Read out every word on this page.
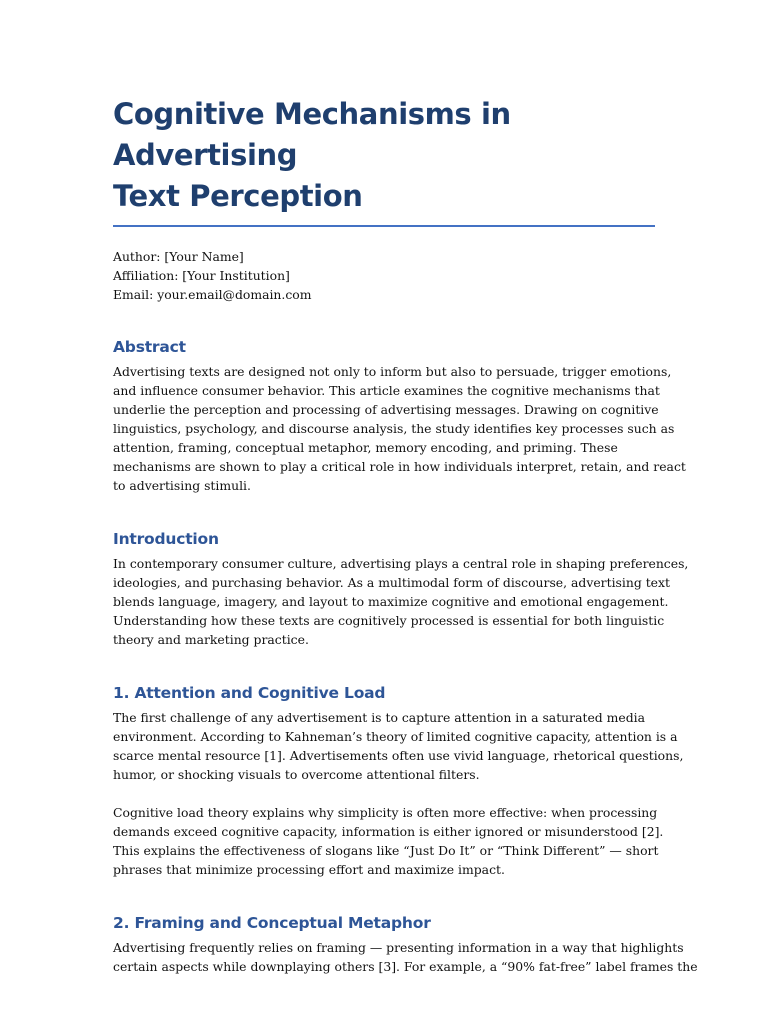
Cognitive Mechanisms in Advertising
Text Perception
Author: [Your Name]
Affiliation: [Your Institution]
Email: your.email@domain.com
Abstract

Advertising texts are designed not only to inform but also to persuade, trigger emotions,
and influence consumer behavior. This article examines the cognitive mechanisms that
underlie the perception and processing of advertising messages. Drawing on cognitive
linguistics, psychology, and discourse analysis, the study identifies key processes such as
attention, framing, conceptual metaphor, memory encoding, and priming. These
mechanisms are shown to play a critical role in how individuals interpret, retain, and react
to advertising stimuli.

Introduction

In contemporary consumer culture, advertising plays a central role in shaping preferences,
ideologies, and purchasing behavior. As a multimodal form of discourse, advertising text
blends language, imagery, and layout to maximize cognitive and emotional engagement.
Understanding how these texts are cognitively processed is essential for both linguistic
theory and marketing practice.

1. Attention and Cognitive Load

The first challenge of any advertisement is to capture attention in a saturated media
environment. According to Kahneman’s theory of limited cognitive capacity, attention is a
scarce mental resource [1]. Advertisements often use vivid language, rhetorical questions,
humor, or shocking visuals to overcome attentional filters.

Cognitive load theory explains why simplicity is often more effective: when processing
demands exceed cognitive capacity, information is either ignored or misunderstood [2].
This explains the effectiveness of slogans like “Just Do It” or “Think Different” — short
phrases that minimize processing effort and maximize impact.

2. Framing and Conceptual Metaphor

Advertising frequently relies on framing — presenting information in a way that highlights
certain aspects while downplaying others [3]. For example, a “90% fat-free” label frames the
